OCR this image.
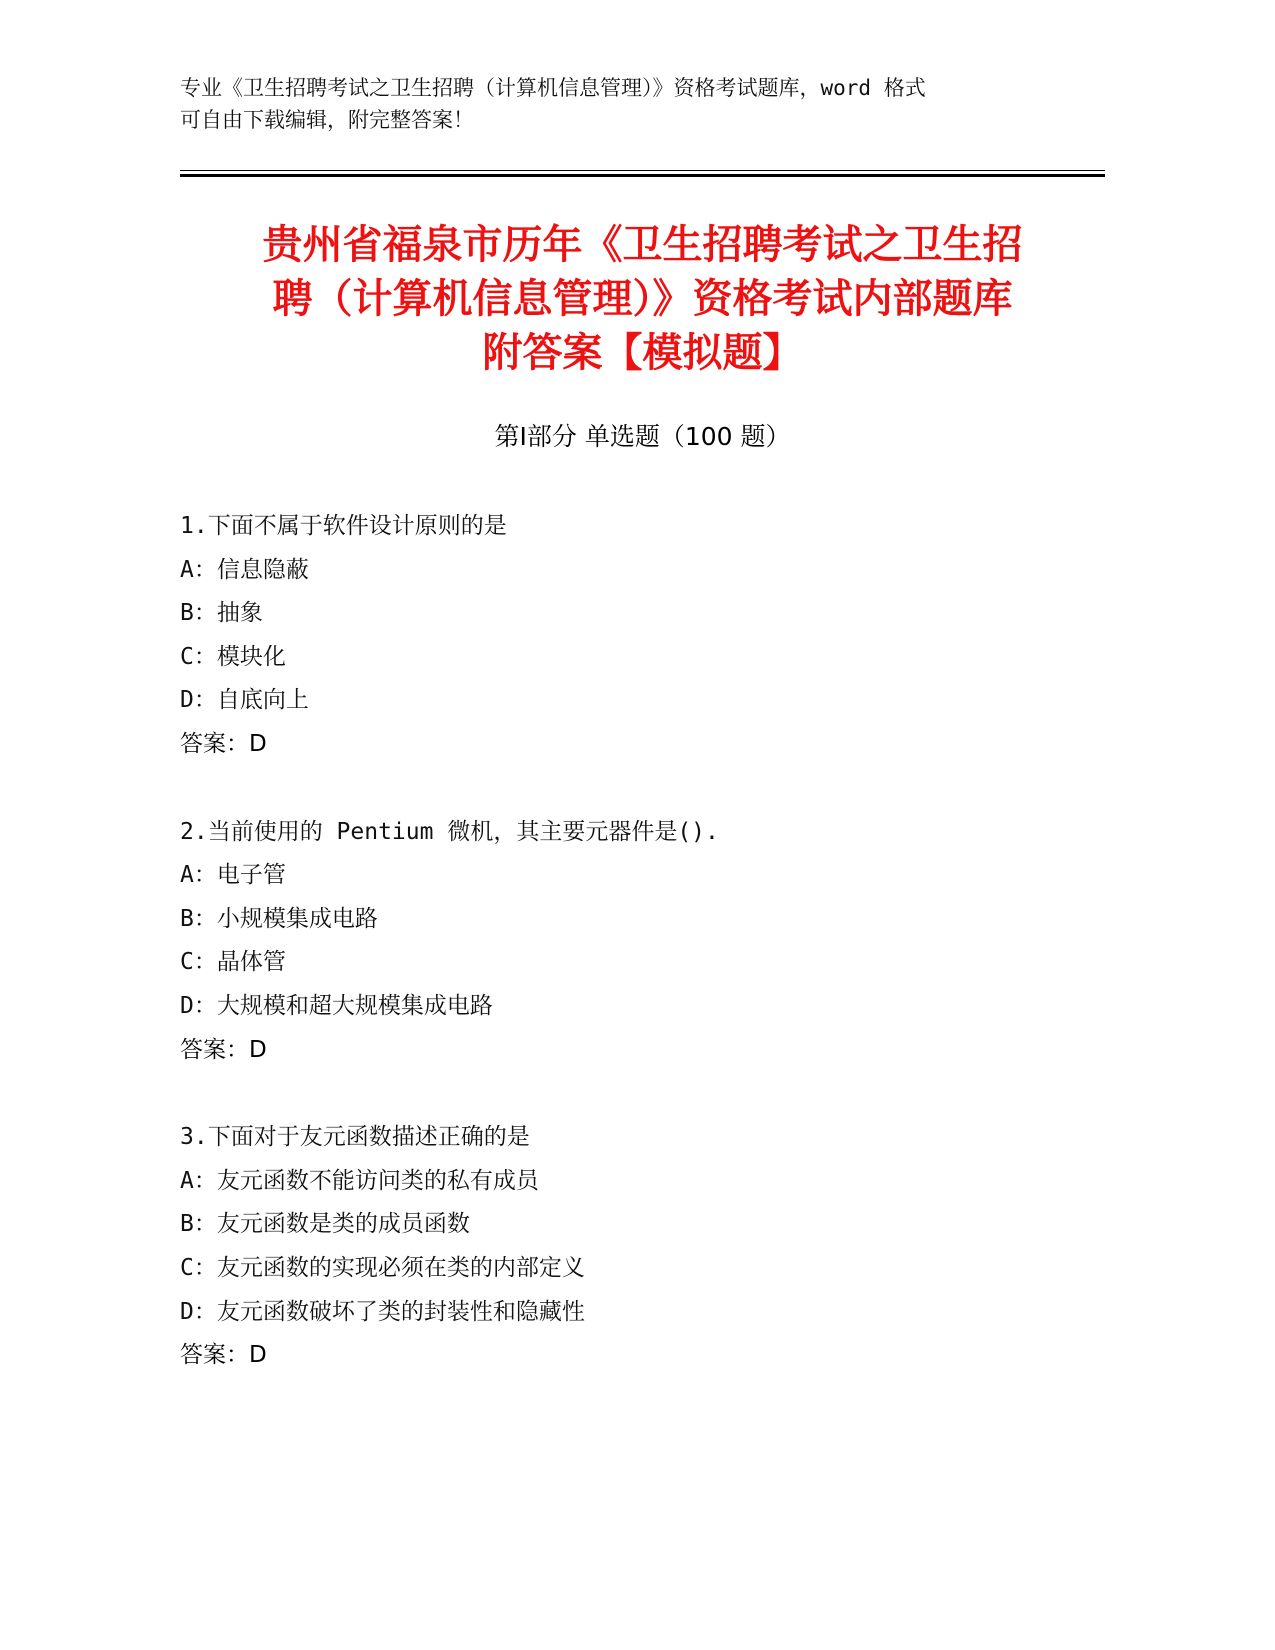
专业《卫生招聘考试之卫生招聘（计算机信息管理）》资格考试题库，word 格式
可自由下载编辑，附完整答案！
贵州省福泉市历年《卫生招聘考试之卫生招
聘（计算机信息管理）》资格考试内部题库
附答案【模拟题】
第Ⅰ部分 单选题（100 题）
1.下面不属于软件设计原则的是
A：信息隐蔽
B：抽象
C：模块化
D：自底向上
答案：D
2.当前使用的 Pentium 微机，其主要元器件是().
A：电子管
B：小规模集成电路
C：晶体管
D：大规模和超大规模集成电路
答案：D
3.下面对于友元函数描述正确的是
A：友元函数不能访问类的私有成员
B：友元函数是类的成员函数
C：友元函数的实现必须在类的内部定义
D：友元函数破坏了类的封装性和隐藏性
答案：D
